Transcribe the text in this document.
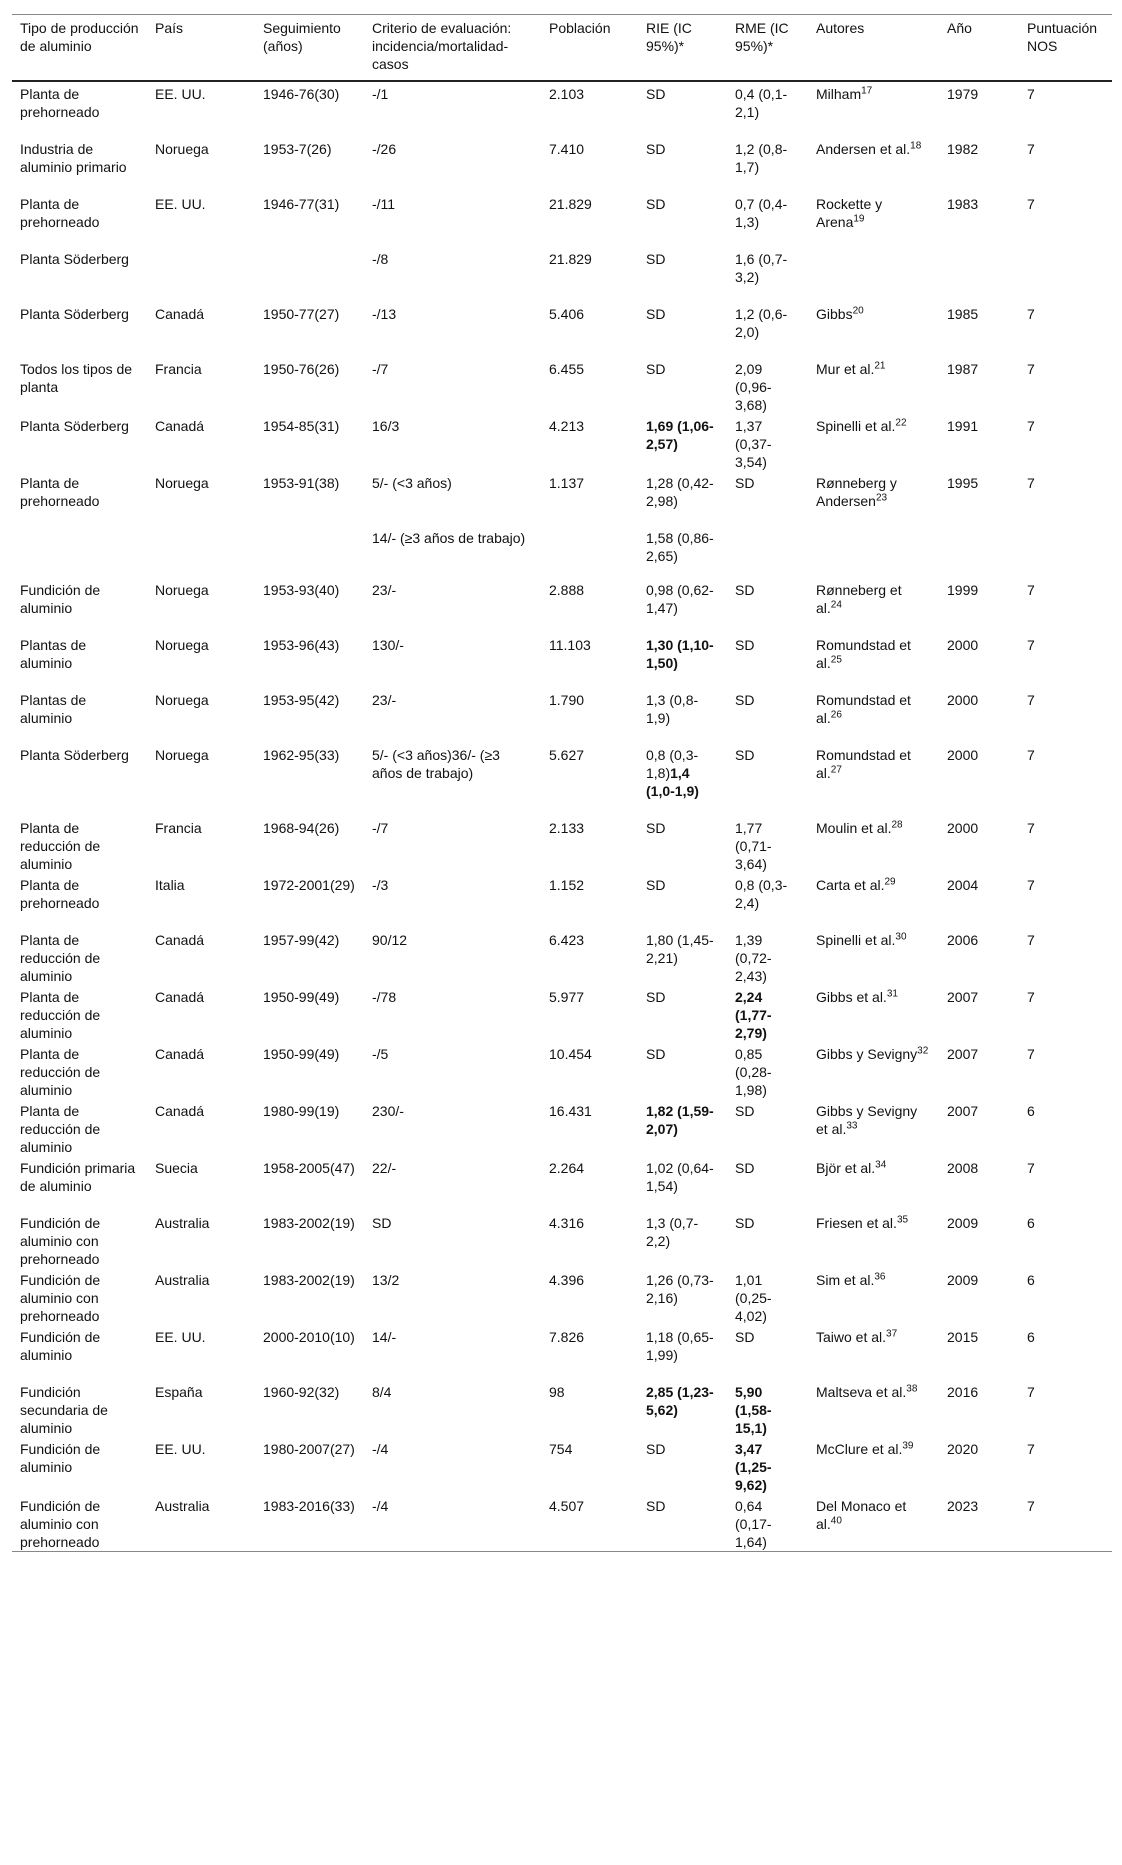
Tipo de producción de aluminio	País	Seguimiento (años)	Criterio de evaluación: incidencia/mortalidad-casos	Población	RIE (IC 95%)*	RME (IC 95%)*	Autores	Año	Puntuación NOS
Planta de prehorneado	EE. UU.	1946-76(30)	-/1	2.103	SD	0,4 (0,1-2,1)	Milham$^{17}$	1979	7
Industria de aluminio primario	Noruega	1953-7(26)	-/26	7.410	SD	1,2 (0,8-1,7)	Andersen et al.$^{18}$	1982	7
Planta de prehorneado	EE. UU.	1946-77(31)	-/11	21.829	SD	0,7 (0,4-1,3)	Rockette y Arena$^{19}$	1983	7
Planta Söderberg			-/8	21.829	SD	1,6 (0,7-3,2)			
Planta Söderberg	Canadá	1950-77(27)	-/13	5.406	SD	1,2 (0,6-2,0)	Gibbs$^{20}$	1985	7
Todos los tipos de planta	Francia	1950-76(26)	-/7	6.455	SD	2,09 (0,96-3,68)	Mur et al.$^{21}$	1987	7
Planta Söderberg	Canadá	1954-85(31)	16/3	4.213	1,69 (1,06-2,57)	1,37 (0,37-3,54)	Spinelli et al.$^{22}$	1991	7
Planta de prehorneado	Noruega	1953-91(38)	5/- (<3 años)	1.137	1,28 (0,42-2,98)	SD	Rønneberg y Andersen$^{23}$	1995	7
			14/- (≥3 años de trabajo)		1,58 (0,86-2,65)				
Fundición de aluminio	Noruega	1953-93(40)	23/-	2.888	0,98 (0,62-1,47)	SD	Rønneberg et al.$^{24}$	1999	7
Plantas de aluminio	Noruega	1953-96(43)	130/-	11.103	1,30 (1,10-1,50)	SD	Romundstad et al.$^{25}$	2000	7
Plantas de aluminio	Noruega	1953-95(42)	23/-	1.790	1,3 (0,8-1,9)	SD	Romundstad et al.$^{26}$	2000	7
Planta Söderberg	Noruega	1962-95(33)	5/- (<3 años)36/- (≥3 años de trabajo)	5.627	0,8 (0,3-1,8)1,4 (1,0-1,9)	SD	Romundstad et al.$^{27}$	2000	7
Planta de reducción de aluminio	Francia	1968-94(26)	-/7	2.133	SD	1,77 (0,71-3,64)	Moulin et al.$^{28}$	2000	7
Planta de prehorneado	Italia	1972-2001(29)	-/3	1.152	SD	0,8 (0,3-2,4)	Carta et al.$^{29}$	2004	7
Planta de reducción de aluminio	Canadá	1957-99(42)	90/12	6.423	1,80 (1,45-2,21)	1,39 (0,72-2,43)	Spinelli et al.$^{30}$	2006	7
Planta de reducción de aluminio	Canadá	1950-99(49)	-/78	5.977	SD	2,24 (1,77-2,79)	Gibbs et al.$^{31}$	2007	7
Planta de reducción de aluminio	Canadá	1950-99(49)	-/5	10.454	SD	0,85 (0,28-1,98)	Gibbs y Sevigny$^{32}$	2007	7
Planta de reducción de aluminio	Canadá	1980-99(19)	230/-	16.431	1,82 (1,59-2,07)	SD	Gibbs y Sevigny et al.$^{33}$	2007	6
Fundición primaria de aluminio	Suecia	1958-2005(47)	22/-	2.264	1,02 (0,64-1,54)	SD	Björ et al.$^{34}$	2008	7
Fundición de aluminio con prehorneado	Australia	1983-2002(19)	SD	4.316	1,3 (0,7-2,2)	SD	Friesen et al.$^{35}$	2009	6
Fundición de aluminio con prehorneado	Australia	1983-2002(19)	13/2	4.396	1,26 (0,73-2,16)	1,01 (0,25-4,02)	Sim et al.$^{36}$	2009	6
Fundición de aluminio	EE. UU.	2000-2010(10)	14/-	7.826	1,18 (0,65-1,99)	SD	Taiwo et al.$^{37}$	2015	6
Fundición secundaria de aluminio	España	1960-92(32)	8/4	98	2,85 (1,23-5,62)	5,90 (1,58-15,1)	Maltseva et al.$^{38}$	2016	7
Fundición de aluminio	EE. UU.	1980-2007(27)	-/4	754	SD	3,47 (1,25-9,62)	McClure et al.$^{39}$	2020	7
Fundición de aluminio con prehorneado	Australia	1983-2016(33)	-/4	4.507	SD	0,64 (0,17-1,64)	Del Monaco et al.$^{40}$	2023	7
